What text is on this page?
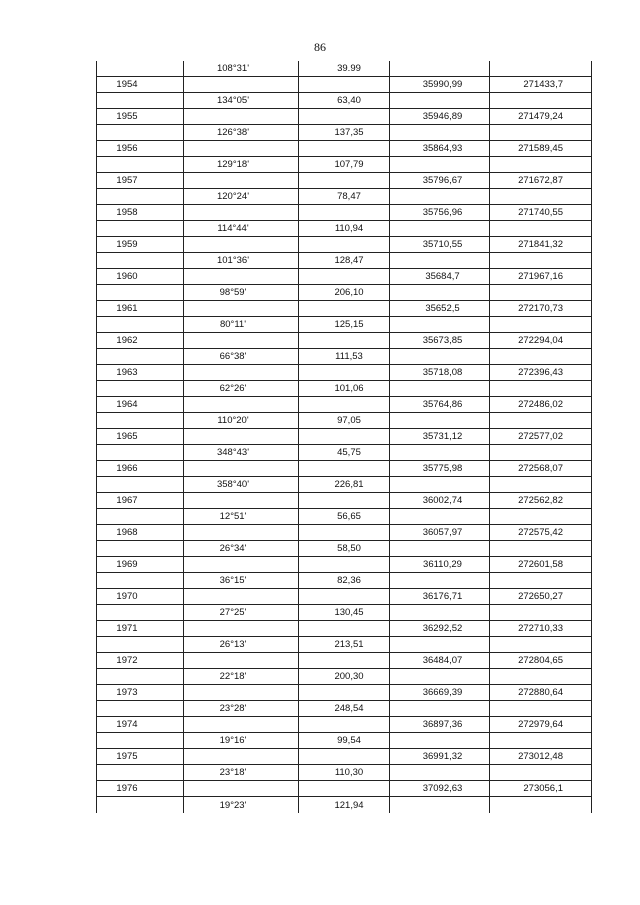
86
	108°31'	39.99		
1954			35990,99	271433,7
	134°05'	63,40		
1955			35946,89	271479,24
	126°38'	137,35		
1956			35864,93	271589,45
	129°18'	107,79		
1957			35796,67	271672,87
	120°24'	78,47		
1958			35756,96	271740,55
	114°44'	110,94		
1959			35710,55	271841,32
	101°36'	128,47		
1960			35684,7	271967,16
	98°59'	206,10		
1961			35652,5	272170,73
	80°11'	125,15		
1962			35673,85	272294,04
	66°38'	111,53		
1963			35718,08	272396,43
	62°26'	101,06		
1964			35764,86	272486,02
	110°20'	97,05		
1965			35731,12	272577,02
	348°43'	45,75		
1966			35775,98	272568,07
	358°40'	226,81		
1967			36002,74	272562,82
	12°51'	56,65		
1968			36057,97	272575,42
	26°34'	58,50		
1969			36110,29	272601,58
	36°15'	82,36		
1970			36176,71	272650,27
	27°25'	130,45		
1971			36292,52	272710,33
	26°13'	213,51		
1972			36484,07	272804,65
	22°18'	200,30		
1973			36669,39	272880,64
	23°28'	248,54		
1974			36897,36	272979,64
	19°16'	99,54		
1975			36991,32	273012,48
	23°18'	110,30		
1976			37092,63	273056,1
	19°23'	121,94		
